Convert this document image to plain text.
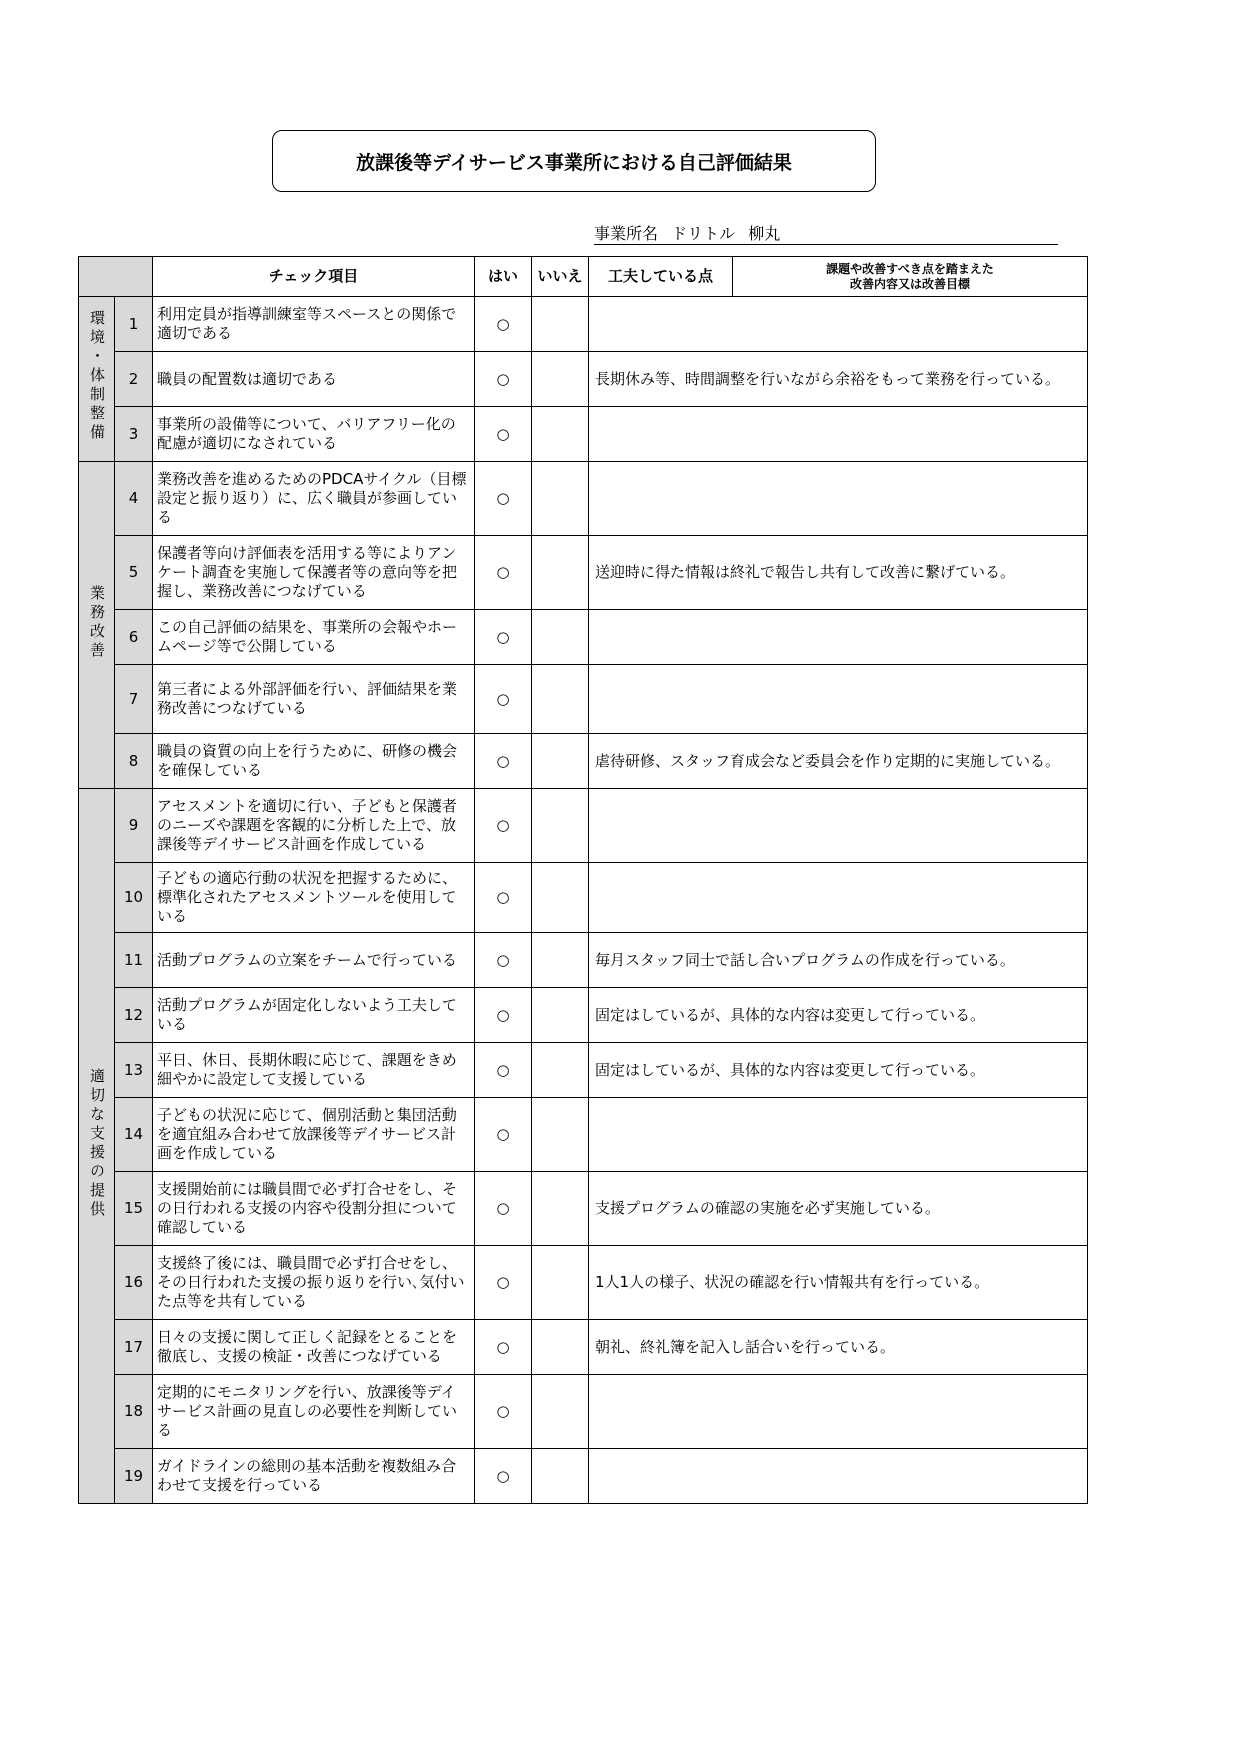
放課後等デイサービス事業所における自己評価結果
事業所名 ドリトル 柳丸
		チェック項目	はい	いいえ	工夫している点	課題や改善すべき点を踏まえた
改善内容又は改善目標

環境・体制整備	1	利用定員が指導訓練室等スペースとの関係で適切である	○			
	2	職員の配置数は適切である	○		長期休み等、時間調整を行いながら余裕をもって業務を行っている。	
	3	事業所の設備等について、バリアフリー化の配慮が適切になされている	○			
業務改善	4	業務改善を進めるためのPDCAサイクル（目標設定と振り返り）に、広く職員が参画している	○			
	5	保護者等向け評価表を活用する等によりアンケート調査を実施して保護者等の意向等を把握し、業務改善につなげている	○		送迎時に得た情報は終礼で報告し共有して改善に繋げている。	
	6	この自己評価の結果を、事業所の会報やホームページ等で公開している	○			
	7	第三者による外部評価を行い、評価結果を業務改善につなげている	○			
	8	職員の資質の向上を行うために、研修の機会を確保している	○		虐待研修、スタッフ育成会など委員会を作り定期的に実施している。	
適切な支援の提供	9	アセスメントを適切に行い、子どもと保護者のニーズや課題を客観的に分析した上で、放課後等デイサービス計画を作成している	○			
	10	子どもの適応行動の状況を把握するために、標準化されたアセスメントツールを使用している	○			
	11	活動プログラムの立案をチームで行っている	○		毎月スタッフ同士で話し合いプログラムの作成を行っている。	
	12	活動プログラムが固定化しないよう工夫している	○		固定はしているが、具体的な内容は変更して行っている。	
	13	平日、休日、長期休暇に応じて、課題をきめ細やかに設定して支援している	○		固定はしているが、具体的な内容は変更して行っている。	
	14	子どもの状況に応じて、個別活動と集団活動を適宜組み合わせて放課後等デイサービス計画を作成している	○			
	15	支援開始前には職員間で必ず打合せをし、その日行われる支援の内容や役割分担について確認している	○		支援プログラムの確認の実施を必ず実施している。	
	16	支援終了後には、職員間で必ず打合せをし、その日行われた支援の振り返りを行い､気付いた点等を共有している	○		1人1人の様子、状況の確認を行い情報共有を行っている。	
	17	日々の支援に関して正しく記録をとることを徹底し、支援の検証・改善につなげている	○		朝礼、終礼簿を記入し話合いを行っている。	
	18	定期的にモニタリングを行い、放課後等デイサービス計画の見直しの必要性を判断している	○			
	19	ガイドラインの総則の基本活動を複数組み合わせて支援を行っている	○			
